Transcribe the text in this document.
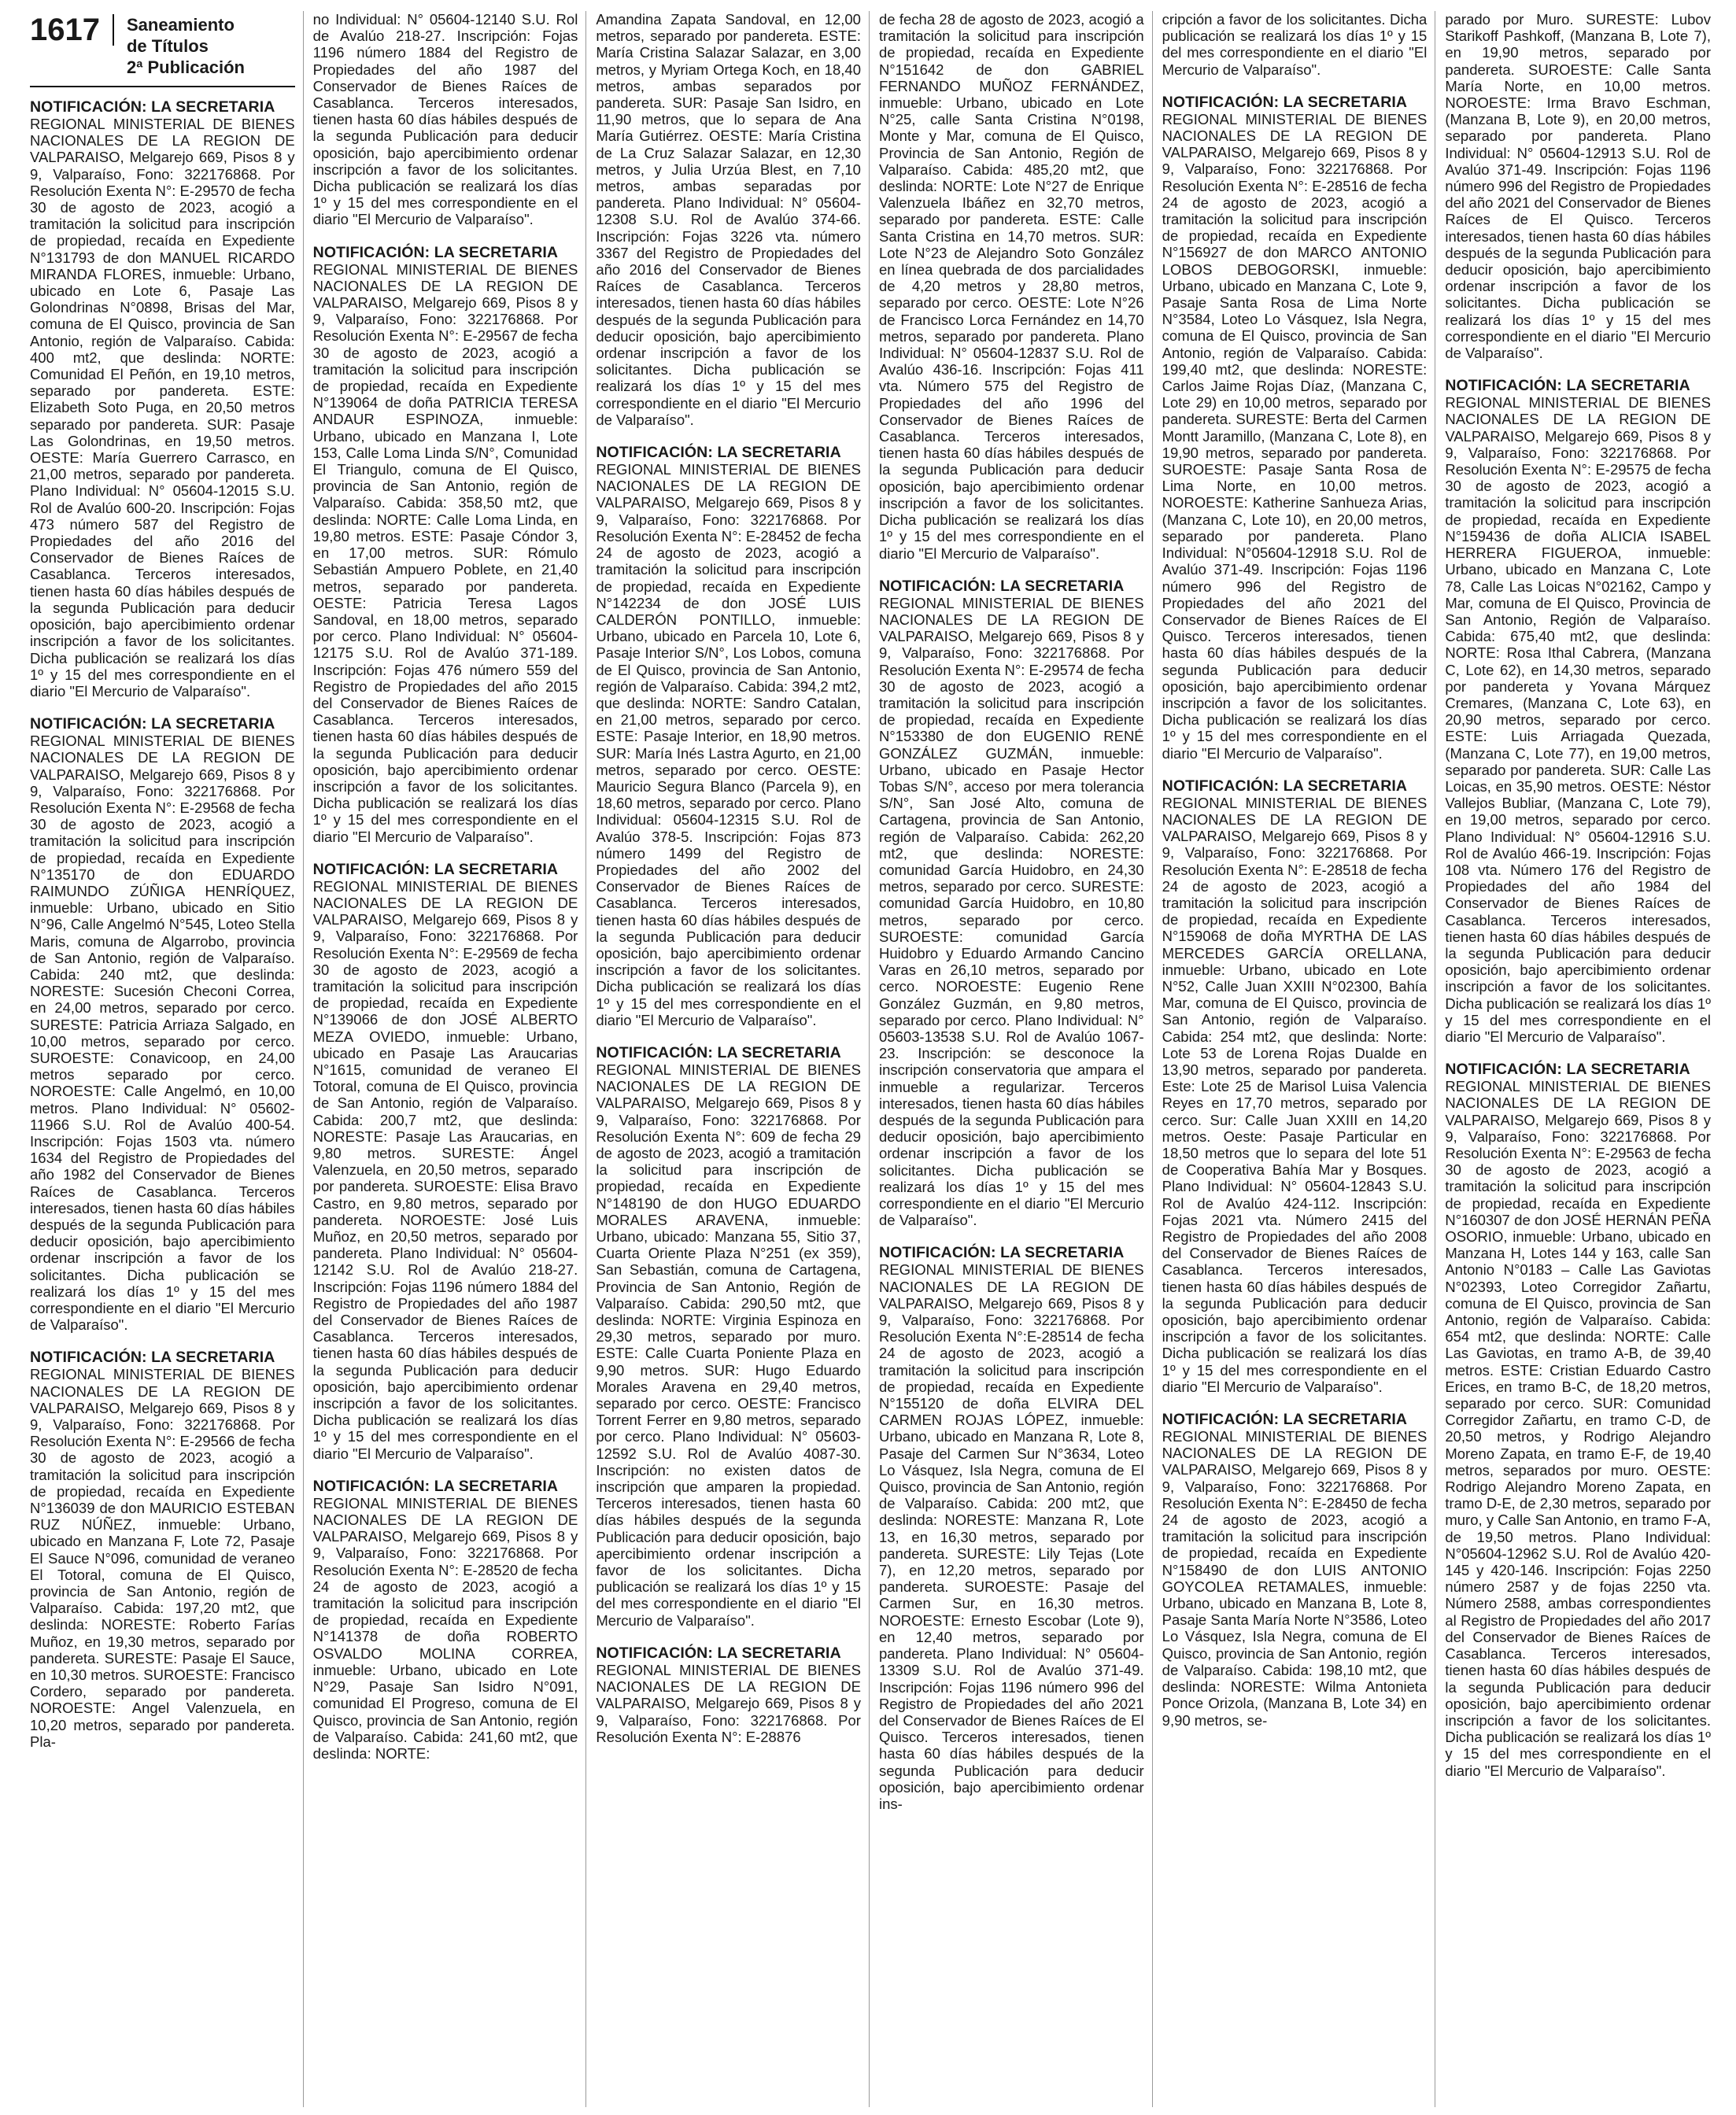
1617	Saneamiento
de Títulos
2ª Publicación
NOTIFICACIÓN: LA SECRETARIA
REGIONAL MINISTERIAL DE BIENES NACIONALES DE LA REGION DE VALPARAISO, Melgarejo 669, Pisos 8 y 9, Valparaíso, Fono: 322176868. Por Resolución Exenta N°: E-29570 de fecha 30 de agosto de 2023, acogió a tramitación la solicitud para inscripción de propiedad, recaída en Expediente N°131793 de don MANUEL RICARDO MIRANDA FLORES, inmueble: Urbano, ubicado en Lote 6, Pasaje Las Golondrinas N°0898, Brisas del Mar, comuna de El Quisco, provincia de San Antonio, región de Valparaíso. Cabida: 400 mt2, que deslinda: NORTE: Comunidad El Peñón, en 19,10 metros, separado por pandereta. ESTE: Elizabeth Soto Puga, en 20,50 metros separado por pandereta. SUR: Pasaje Las Golondrinas, en 19,50 metros. OESTE: María Guerrero Carrasco, en 21,00 metros, separado por pandereta. Plano Individual: N° 05604-12015 S.U. Rol de Avalúo 600-20. Inscripción: Fojas 473 número 587 del Registro de Propiedades del año 2016 del Conservador de Bienes Raíces de Casablanca. Terceros interesados, tienen hasta 60 días hábiles después de la segunda Publicación para deducir oposición, bajo apercibimiento ordenar inscripción a favor de los solicitantes. Dicha publicación se realizará los días 1º y 15 del mes correspondiente en el diario "El Mercurio de Valparaíso".
NOTIFICACIÓN: LA SECRETARIA
REGIONAL MINISTERIAL DE BIENES NACIONALES DE LA REGION DE VALPARAISO, Melgarejo 669, Pisos 8 y 9, Valparaíso, Fono: 322176868. Por Resolución Exenta N°: E-29568 de fecha 30 de agosto de 2023, acogió a tramitación la solicitud para inscripción de propiedad, recaída en Expediente N°135170 de don EDUARDO RAIMUNDO ZÚÑIGA HENRÍQUEZ, inmueble: Urbano, ubicado en Sitio N°96, Calle Angelmó N°545, Loteo Stella Maris, comuna de Algarrobo, provincia de San Antonio, región de Valparaíso. Cabida: 240 mt2, que deslinda: NORESTE: Sucesión Checoni Correa, en 24,00 metros, separado por cerco. SURESTE: Patricia Arriaza Salgado, en 10,00 metros, separado por cerco. SUROESTE: Conavicoop, en 24,00 metros separado por cerco. NOROESTE: Calle Angelmó, en 10,00 metros. Plano Individual: N° 05602-11966 S.U. Rol de Avalúo 400-54. Inscripción: Fojas 1503 vta. número 1634 del Registro de Propiedades del año 1982 del Conservador de Bienes Raíces de Casablanca. Terceros interesados, tienen hasta 60 días hábiles después de la segunda Publicación para deducir oposición, bajo apercibimiento ordenar inscripción a favor de los solicitantes. Dicha publicación se realizará los días 1º y 15 del mes correspondiente en el diario "El Mercurio de Valparaíso".
NOTIFICACIÓN: LA SECRETARIA
REGIONAL MINISTERIAL DE BIENES NACIONALES DE LA REGION DE VALPARAISO, Melgarejo 669, Pisos 8 y 9, Valparaíso, Fono: 322176868. Por Resolución Exenta N°: E-29566 de fecha 30 de agosto de 2023, acogió a tramitación la solicitud para inscripción de propiedad, recaída en Expediente N°136039 de don MAURICIO ESTEBAN RUZ NÚÑEZ, inmueble: Urbano, ubicado en Manzana F, Lote 72, Pasaje El Sauce N°096, comunidad de veraneo El Totoral, comuna de El Quisco, provincia de San Antonio, región de Valparaíso. Cabida: 197,20 mt2, que deslinda: NORESTE: Roberto Farías Muñoz, en 19,30 metros, separado por pandereta. SURESTE: Pasaje El Sauce, en 10,30 metros. SUROESTE: Francisco Cordero, separado por pandereta. NOROESTE: Angel Valenzuela, en 10,20 metros, separado por pandereta. Pla-
no Individual: N° 05604-12140 S.U. Rol de Avalúo 218-27. Inscripción: Fojas 1196 número 1884 del Registro de Propiedades del año 1987 del Conservador de Bienes Raíces de Casablanca. Terceros interesados, tienen hasta 60 días hábiles después de la segunda Publicación para deducir oposición, bajo apercibimiento ordenar inscripción a favor de los solicitantes. Dicha publicación se realizará los días 1º y 15 del mes correspondiente en el diario "El Mercurio de Valparaíso".
NOTIFICACIÓN: LA SECRETARIA
REGIONAL MINISTERIAL DE BIENES NACIONALES DE LA REGION DE VALPARAISO, Melgarejo 669, Pisos 8 y 9, Valparaíso, Fono: 322176868. Por Resolución Exenta N°: E-29567 de fecha 30 de agosto de 2023, acogió a tramitación la solicitud para inscripción de propiedad, recaída en Expediente N°139064 de doña PATRICIA TERESA ANDAUR ESPINOZA, inmueble: Urbano, ubicado en Manzana I, Lote 153, Calle Loma Linda S/N°, Comunidad El Triangulo, comuna de El Quisco, provincia de San Antonio, región de Valparaíso. Cabida: 358,50 mt2, que deslinda: NORTE: Calle Loma Linda, en 19,80 metros. ESTE: Pasaje Cóndor 3, en 17,00 metros. SUR: Rómulo Sebastián Ampuero Poblete, en 21,40 metros, separado por pandereta. OESTE: Patricia Teresa Lagos Sandoval, en 18,00 metros, separado por cerco. Plano Individual: N° 05604-12175 S.U. Rol de Avalúo 371-189. Inscripción: Fojas 476 número 559 del Registro de Propiedades del año 2015 del Conservador de Bienes Raíces de Casablanca. Terceros interesados, tienen hasta 60 días hábiles después de la segunda Publicación para deducir oposición, bajo apercibimiento ordenar inscripción a favor de los solicitantes. Dicha publicación se realizará los días 1º y 15 del mes correspondiente en el diario "El Mercurio de Valparaíso".
NOTIFICACIÓN: LA SECRETARIA
REGIONAL MINISTERIAL DE BIENES NACIONALES DE LA REGION DE VALPARAISO, Melgarejo 669, Pisos 8 y 9, Valparaíso, Fono: 322176868. Por Resolución Exenta N°: E-29569 de fecha 30 de agosto de 2023, acogió a tramitación la solicitud para inscripción de propiedad, recaída en Expediente N°139066 de don JOSÉ ALBERTO MEZA OVIEDO, inmueble: Urbano, ubicado en Pasaje Las Araucarias N°1615, comunidad de veraneo El Totoral, comuna de El Quisco, provincia de San Antonio, región de Valparaíso. Cabida: 200,7 mt2, que deslinda: NORESTE: Pasaje Las Araucarias, en 9,80 metros. SURESTE: Ángel Valenzuela, en 20,50 metros, separado por pandereta. SUROESTE: Elisa Bravo Castro, en 9,80 metros, separado por pandereta. NOROESTE: José Luis Muñoz, en 20,50 metros, separado por pandereta. Plano Individual: N° 05604-12142 S.U. Rol de Avalúo 218-27. Inscripción: Fojas 1196 número 1884 del Registro de Propiedades del año 1987 del Conservador de Bienes Raíces de Casablanca. Terceros interesados, tienen hasta 60 días hábiles después de la segunda Publicación para deducir oposición, bajo apercibimiento ordenar inscripción a favor de los solicitantes. Dicha publicación se realizará los días 1º y 15 del mes correspondiente en el diario "El Mercurio de Valparaíso".
NOTIFICACIÓN: LA SECRETARIA
REGIONAL MINISTERIAL DE BIENES NACIONALES DE LA REGION DE VALPARAISO, Melgarejo 669, Pisos 8 y 9, Valparaíso, Fono: 322176868. Por Resolución Exenta N°: E-28520 de fecha 24 de agosto de 2023, acogió a tramitación la solicitud para inscripción de propiedad, recaída en Expediente N°141378 de doña ROBERTO OSVALDO MOLINA CORREA, inmueble: Urbano, ubicado en Lote N°29, Pasaje San Isidro N°091, comunidad El Progreso, comuna de El Quisco, provincia de San Antonio, región de Valparaíso. Cabida: 241,60 mt2, que deslinda: NORTE:
Amandina Zapata Sandoval, en 12,00 metros, separado por pandereta. ESTE: María Cristina Salazar Salazar, en 3,00 metros, y Myriam Ortega Koch, en 18,40 metros, ambas separados por pandereta. SUR: Pasaje San Isidro, en 11,90 metros, que lo separa de Ana María Gutiérrez. OESTE: María Cristina de La Cruz Salazar Salazar, en 12,30 metros, y Julia Urzúa Blest, en 7,10 metros, ambas separadas por pandereta. Plano Individual: N° 05604-12308 S.U. Rol de Avalúo 374-66. Inscripción: Fojas 3226 vta. número 3367 del Registro de Propiedades del año 2016 del Conservador de Bienes Raíces de Casablanca. Terceros interesados, tienen hasta 60 días hábiles después de la segunda Publicación para deducir oposición, bajo apercibimiento ordenar inscripción a favor de los solicitantes. Dicha publicación se realizará los días 1º y 15 del mes correspondiente en el diario "El Mercurio de Valparaíso".
NOTIFICACIÓN: LA SECRETARIA
REGIONAL MINISTERIAL DE BIENES NACIONALES DE LA REGION DE VALPARAISO, Melgarejo 669, Pisos 8 y 9, Valparaíso, Fono: 322176868. Por Resolución Exenta N°: E-28452 de fecha 24 de agosto de 2023, acogió a tramitación la solicitud para inscripción de propiedad, recaída en Expediente N°142234 de don JOSÉ LUIS CALDERÓN PONTILLO, inmueble: Urbano, ubicado en Parcela 10, Lote 6, Pasaje Interior S/N°, Los Lobos, comuna de El Quisco, provincia de San Antonio, región de Valparaíso. Cabida: 394,2 mt2, que deslinda: NORTE: Sandro Catalan, en 21,00 metros, separado por cerco. ESTE: Pasaje Interior, en 18,90 metros. SUR: María Inés Lastra Agurto, en 21,00 metros, separado por cerco. OESTE: Mauricio Segura Blanco (Parcela 9), en 18,60 metros, separado por cerco. Plano Individual: 05604-12315 S.U. Rol de Avalúo 378-5. Inscripción: Fojas 873 número 1499 del Registro de Propiedades del año 2002 del Conservador de Bienes Raíces de Casablanca. Terceros interesados, tienen hasta 60 días hábiles después de la segunda Publicación para deducir oposición, bajo apercibimiento ordenar inscripción a favor de los solicitantes. Dicha publicación se realizará los días 1º y 15 del mes correspondiente en el diario "El Mercurio de Valparaíso".
NOTIFICACIÓN: LA SECRETARIA
REGIONAL MINISTERIAL DE BIENES NACIONALES DE LA REGION DE VALPARAISO, Melgarejo 669, Pisos 8 y 9, Valparaíso, Fono: 322176868. Por Resolución Exenta N°: 609 de fecha 29 de agosto de 2023, acogió a tramitación la solicitud para inscripción de propiedad, recaída en Expediente N°148190 de don HUGO EDUARDO MORALES ARAVENA, inmueble: Urbano, ubicado: Manzana 55, Sitio 37, Cuarta Oriente Plaza N°251 (ex 359), San Sebastián, comuna de Cartagena, Provincia de San Antonio, Región de Valparaíso. Cabida: 290,50 mt2, que deslinda: NORTE: Virginia Espinoza en 29,30 metros, separado por muro. ESTE: Calle Cuarta Poniente Plaza en 9,90 metros. SUR: Hugo Eduardo Morales Aravena en 29,40 metros, separado por cerco. OESTE: Francisco Torrent Ferrer en 9,80 metros, separado por cerco. Plano Individual: N° 05603-12592 S.U. Rol de Avalúo 4087-30. Inscripción: no existen datos de inscripción que amparen la propiedad. Terceros interesados, tienen hasta 60 días hábiles después de la segunda Publicación para deducir oposición, bajo apercibimiento ordenar inscripción a favor de los solicitantes. Dicha publicación se realizará los días 1º y 15 del mes correspondiente en el diario "El Mercurio de Valparaíso".
NOTIFICACIÓN: LA SECRETARIA
REGIONAL MINISTERIAL DE BIENES NACIONALES DE LA REGION DE VALPARAISO, Melgarejo 669, Pisos 8 y 9, Valparaíso, Fono: 322176868. Por Resolución Exenta N°: E-28876
de fecha 28 de agosto de 2023, acogió a tramitación la solicitud para inscripción de propiedad, recaída en Expediente N°151642 de don GABRIEL FERNANDO MUÑOZ FERNÁNDEZ, inmueble: Urbano, ubicado en Lote N°25, calle Santa Cristina N°0198, Monte y Mar, comuna de El Quisco, Provincia de San Antonio, Región de Valparaíso. Cabida: 485,20 mt2, que deslinda: NORTE: Lote N°27 de Enrique Valenzuela Ibáñez en 32,70 metros, separado por pandereta. ESTE: Calle Santa Cristina en 14,70 metros. SUR: Lote N°23 de Alejandro Soto González en línea quebrada de dos parcialidades de 4,20 metros y 28,80 metros, separado por cerco. OESTE: Lote N°26 de Francisco Lorca Fernández en 14,70 metros, separado por pandereta. Plano Individual: N° 05604-12837 S.U. Rol de Avalúo 436-16. Inscripción: Fojas 411 vta. Número 575 del Registro de Propiedades del año 1996 del Conservador de Bienes Raíces de Casablanca. Terceros interesados, tienen hasta 60 días hábiles después de la segunda Publicación para deducir oposición, bajo apercibimiento ordenar inscripción a favor de los solicitantes. Dicha publicación se realizará los días 1º y 15 del mes correspondiente en el diario "El Mercurio de Valparaíso".
NOTIFICACIÓN: LA SECRETARIA
REGIONAL MINISTERIAL DE BIENES NACIONALES DE LA REGION DE VALPARAISO, Melgarejo 669, Pisos 8 y 9, Valparaíso, Fono: 322176868. Por Resolución Exenta N°: E-29574 de fecha 30 de agosto de 2023, acogió a tramitación la solicitud para inscripción de propiedad, recaída en Expediente N°153380 de don EUGENIO RENÉ GONZÁLEZ GUZMÁN, inmueble: Urbano, ubicado en Pasaje Hector Tobas S/N°, acceso por mera tolerancia S/N°, San José Alto, comuna de Cartagena, provincia de San Antonio, región de Valparaíso. Cabida: 262,20 mt2, que deslinda: NORESTE: comunidad García Huidobro, en 24,30 metros, separado por cerco. SURESTE: comunidad García Huidobro, en 10,80 metros, separado por cerco. SUROESTE: comunidad García Huidobro y Eduardo Armando Cancino Varas en 26,10 metros, separado por cerco. NOROESTE: Eugenio Rene González Guzmán, en 9,80 metros, separado por cerco. Plano Individual: N° 05603-13538 S.U. Rol de Avalúo 1067-23. Inscripción: se desconoce la inscripción conservatoria que ampara el inmueble a regularizar. Terceros interesados, tienen hasta 60 días hábiles después de la segunda Publicación para deducir oposición, bajo apercibimiento ordenar inscripción a favor de los solicitantes. Dicha publicación se realizará los días 1º y 15 del mes correspondiente en el diario "El Mercurio de Valparaíso".
NOTIFICACIÓN: LA SECRETARIA
REGIONAL MINISTERIAL DE BIENES NACIONALES DE LA REGION DE VALPARAISO, Melgarejo 669, Pisos 8 y 9, Valparaíso, Fono: 322176868. Por Resolución Exenta N°:E-28514 de fecha 24 de agosto de 2023, acogió a tramitación la solicitud para inscripción de propiedad, recaída en Expediente N°155120 de doña ELVIRA DEL CARMEN ROJAS LÓPEZ, inmueble: Urbano, ubicado en Manzana R, Lote 8, Pasaje del Carmen Sur N°3634, Loteo Lo Vásquez, Isla Negra, comuna de El Quisco, provincia de San Antonio, región de Valparaíso. Cabida: 200 mt2, que deslinda: NORESTE: Manzana R, Lote 13, en 16,30 metros, separado por pandereta. SURESTE: Lily Tejas (Lote 7), en 12,20 metros, separado por pandereta. SUROESTE: Pasaje del Carmen Sur, en 16,30 metros. NOROESTE: Ernesto Escobar (Lote 9), en 12,40 metros, separado por pandereta. Plano Individual: N° 05604-13309 S.U. Rol de Avalúo 371-49. Inscripción: Fojas 1196 número 996 del Registro de Propiedades del año 2021 del Conservador de Bienes Raíces de El Quisco. Terceros interesados, tienen hasta 60 días hábiles después de la segunda Publicación para deducir oposición, bajo apercibimiento ordenar ins-
cripción a favor de los solicitantes. Dicha publicación se realizará los días 1º y 15 del mes correspondiente en el diario "El Mercurio de Valparaíso".
NOTIFICACIÓN: LA SECRETARIA
REGIONAL MINISTERIAL DE BIENES NACIONALES DE LA REGION DE VALPARAISO, Melgarejo 669, Pisos 8 y 9, Valparaíso, Fono: 322176868. Por Resolución Exenta N°: E-28516 de fecha 24 de agosto de 2023, acogió a tramitación la solicitud para inscripción de propiedad, recaída en Expediente N°156927 de don MARCO ANTONIO LOBOS DEBOGORSKI, inmueble: Urbano, ubicado en Manzana C, Lote 9, Pasaje Santa Rosa de Lima Norte N°3584, Loteo Lo Vásquez, Isla Negra, comuna de El Quisco, provincia de San Antonio, región de Valparaíso. Cabida: 199,40 mt2, que deslinda: NORESTE: Carlos Jaime Rojas Díaz, (Manzana C, Lote 29) en 10,00 metros, separado por pandereta. SURESTE: Berta del Carmen Montt Jaramillo, (Manzana C, Lote 8), en 19,90 metros, separado por pandereta. SUROESTE: Pasaje Santa Rosa de Lima Norte, en 10,00 metros. NOROESTE: Katherine Sanhueza Arias, (Manzana C, Lote 10), en 20,00 metros, separado por pandereta. Plano Individual: N°05604-12918 S.U. Rol de Avalúo 371-49. Inscripción: Fojas 1196 número 996 del Registro de Propiedades del año 2021 del Conservador de Bienes Raíces de El Quisco. Terceros interesados, tienen hasta 60 días hábiles después de la segunda Publicación para deducir oposición, bajo apercibimiento ordenar inscripción a favor de los solicitantes. Dicha publicación se realizará los días 1º y 15 del mes correspondiente en el diario "El Mercurio de Valparaíso".
NOTIFICACIÓN: LA SECRETARIA
REGIONAL MINISTERIAL DE BIENES NACIONALES DE LA REGION DE VALPARAISO, Melgarejo 669, Pisos 8 y 9, Valparaíso, Fono: 322176868. Por Resolución Exenta N°: E-28518 de fecha 24 de agosto de 2023, acogió a tramitación la solicitud para inscripción de propiedad, recaída en Expediente N°159068 de doña MYRTHA DE LAS MERCEDES GARCÍA ORELLANA, inmueble: Urbano, ubicado en Lote N°52, Calle Juan XXIII N°02300, Bahía Mar, comuna de El Quisco, provincia de San Antonio, región de Valparaíso. Cabida: 254 mt2, que deslinda: Norte: Lote 53 de Lorena Rojas Dualde en 13,90 metros, separado por pandereta. Este: Lote 25 de Marisol Luisa Valencia Reyes en 17,70 metros, separado por cerco. Sur: Calle Juan XXIII en 14,20 metros. Oeste: Pasaje Particular en 18,50 metros que lo separa del lote 51 de Cooperativa Bahía Mar y Bosques. Plano Individual: N° 05604-12843 S.U. Rol de Avalúo 424-112. Inscripción: Fojas 2021 vta. Número 2415 del Registro de Propiedades del año 2008 del Conservador de Bienes Raíces de Casablanca. Terceros interesados, tienen hasta 60 días hábiles después de la segunda Publicación para deducir oposición, bajo apercibimiento ordenar inscripción a favor de los solicitantes. Dicha publicación se realizará los días 1º y 15 del mes correspondiente en el diario "El Mercurio de Valparaíso".
NOTIFICACIÓN: LA SECRETARIA
REGIONAL MINISTERIAL DE BIENES NACIONALES DE LA REGION DE VALPARAISO, Melgarejo 669, Pisos 8 y 9, Valparaíso, Fono: 322176868. Por Resolución Exenta N°: E-28450 de fecha 24 de agosto de 2023, acogió a tramitación la solicitud para inscripción de propiedad, recaída en Expediente N°158490 de don LUIS ANTONIO GOYCOLEA RETAMALES, inmueble: Urbano, ubicado en Manzana B, Lote 8, Pasaje Santa María Norte N°3586, Loteo Lo Vásquez, Isla Negra, comuna de El Quisco, provincia de San Antonio, región de Valparaíso. Cabida: 198,10 mt2, que deslinda: NORESTE: Wilma Antonieta Ponce Orizola, (Manzana B, Lote 34) en 9,90 metros, se-
parado por Muro. SURESTE: Lubov Starikoff Pashkoff, (Manzana B, Lote 7), en 19,90 metros, separado por pandereta. SUROESTE: Calle Santa María Norte, en 10,00 metros. NOROESTE: Irma Bravo Eschman, (Manzana B, Lote 9), en 20,00 metros, separado por pandereta. Plano Individual: N° 05604-12913 S.U. Rol de Avalúo 371-49. Inscripción: Fojas 1196 número 996 del Registro de Propiedades del año 2021 del Conservador de Bienes Raíces de El Quisco. Terceros interesados, tienen hasta 60 días hábiles después de la segunda Publicación para deducir oposición, bajo apercibimiento ordenar inscripción a favor de los solicitantes. Dicha publicación se realizará los días 1º y 15 del mes correspondiente en el diario "El Mercurio de Valparaíso".
NOTIFICACIÓN: LA SECRETARIA
REGIONAL MINISTERIAL DE BIENES NACIONALES DE LA REGION DE VALPARAISO, Melgarejo 669, Pisos 8 y 9, Valparaíso, Fono: 322176868. Por Resolución Exenta N°: E-29575 de fecha 30 de agosto de 2023, acogió a tramitación la solicitud para inscripción de propiedad, recaída en Expediente N°159436 de doña ALICIA ISABEL HERRERA FIGUEROA, inmueble: Urbano, ubicado en Manzana C, Lote 78, Calle Las Loicas N°02162, Campo y Mar, comuna de El Quisco, Provincia de San Antonio, Región de Valparaíso. Cabida: 675,40 mt2, que deslinda: NORTE: Rosa Ithal Cabrera, (Manzana C, Lote 62), en 14,30 metros, separado por pandereta y Yovana Márquez Cremares, (Manzana C, Lote 63), en 20,90 metros, separado por cerco. ESTE: Luis Arriagada Quezada, (Manzana C, Lote 77), en 19,00 metros, separado por pandereta. SUR: Calle Las Loicas, en 35,90 metros. OESTE: Néstor Vallejos Bubliar, (Manzana C, Lote 79), en 19,00 metros, separado por cerco. Plano Individual: N° 05604-12916 S.U. Rol de Avalúo 466-19. Inscripción: Fojas 108 vta. Número 176 del Registro de Propiedades del año 1984 del Conservador de Bienes Raíces de Casablanca. Terceros interesados, tienen hasta 60 días hábiles después de la segunda Publicación para deducir oposición, bajo apercibimiento ordenar inscripción a favor de los solicitantes. Dicha publicación se realizará los días 1º y 15 del mes correspondiente en el diario "El Mercurio de Valparaíso".
NOTIFICACIÓN: LA SECRETARIA
REGIONAL MINISTERIAL DE BIENES NACIONALES DE LA REGION DE VALPARAISO, Melgarejo 669, Pisos 8 y 9, Valparaíso, Fono: 322176868. Por Resolución Exenta N°: E-29563 de fecha 30 de agosto de 2023, acogió a tramitación la solicitud para inscripción de propiedad, recaída en Expediente N°160307 de don JOSÉ HERNÁN PEÑA OSORIO, inmueble: Urbano, ubicado en Manzana H, Lotes 144 y 163, calle San Antonio N°0183 – Calle Las Gaviotas N°02393, Loteo Corregidor Zañartu, comuna de El Quisco, provincia de San Antonio, región de Valparaíso. Cabida: 654 mt2, que deslinda: NORTE: Calle Las Gaviotas, en tramo A-B, de 39,40 metros. ESTE: Cristian Eduardo Castro Erices, en tramo B-C, de 18,20 metros, separado por cerco. SUR: Comunidad Corregidor Zañartu, en tramo C-D, de 20,50 metros, y Rodrigo Alejandro Moreno Zapata, en tramo E-F, de 19,40 metros, separados por muro. OESTE: Rodrigo Alejandro Moreno Zapata, en tramo D-E, de 2,30 metros, separado por muro, y Calle San Antonio, en tramo F-A, de 19,50 metros. Plano Individual: N°05604-12962 S.U. Rol de Avalúo 420-145 y 420-146. Inscripción: Fojas 2250 número 2587 y de fojas 2250 vta. Número 2588, ambas correspondientes al Registro de Propiedades del año 2017 del Conservador de Bienes Raíces de Casablanca. Terceros interesados, tienen hasta 60 días hábiles después de la segunda Publicación para deducir oposición, bajo apercibimiento ordenar inscripción a favor de los solicitantes. Dicha publicación se realizará los días 1º y 15 del mes correspondiente en el diario "El Mercurio de Valparaíso".
